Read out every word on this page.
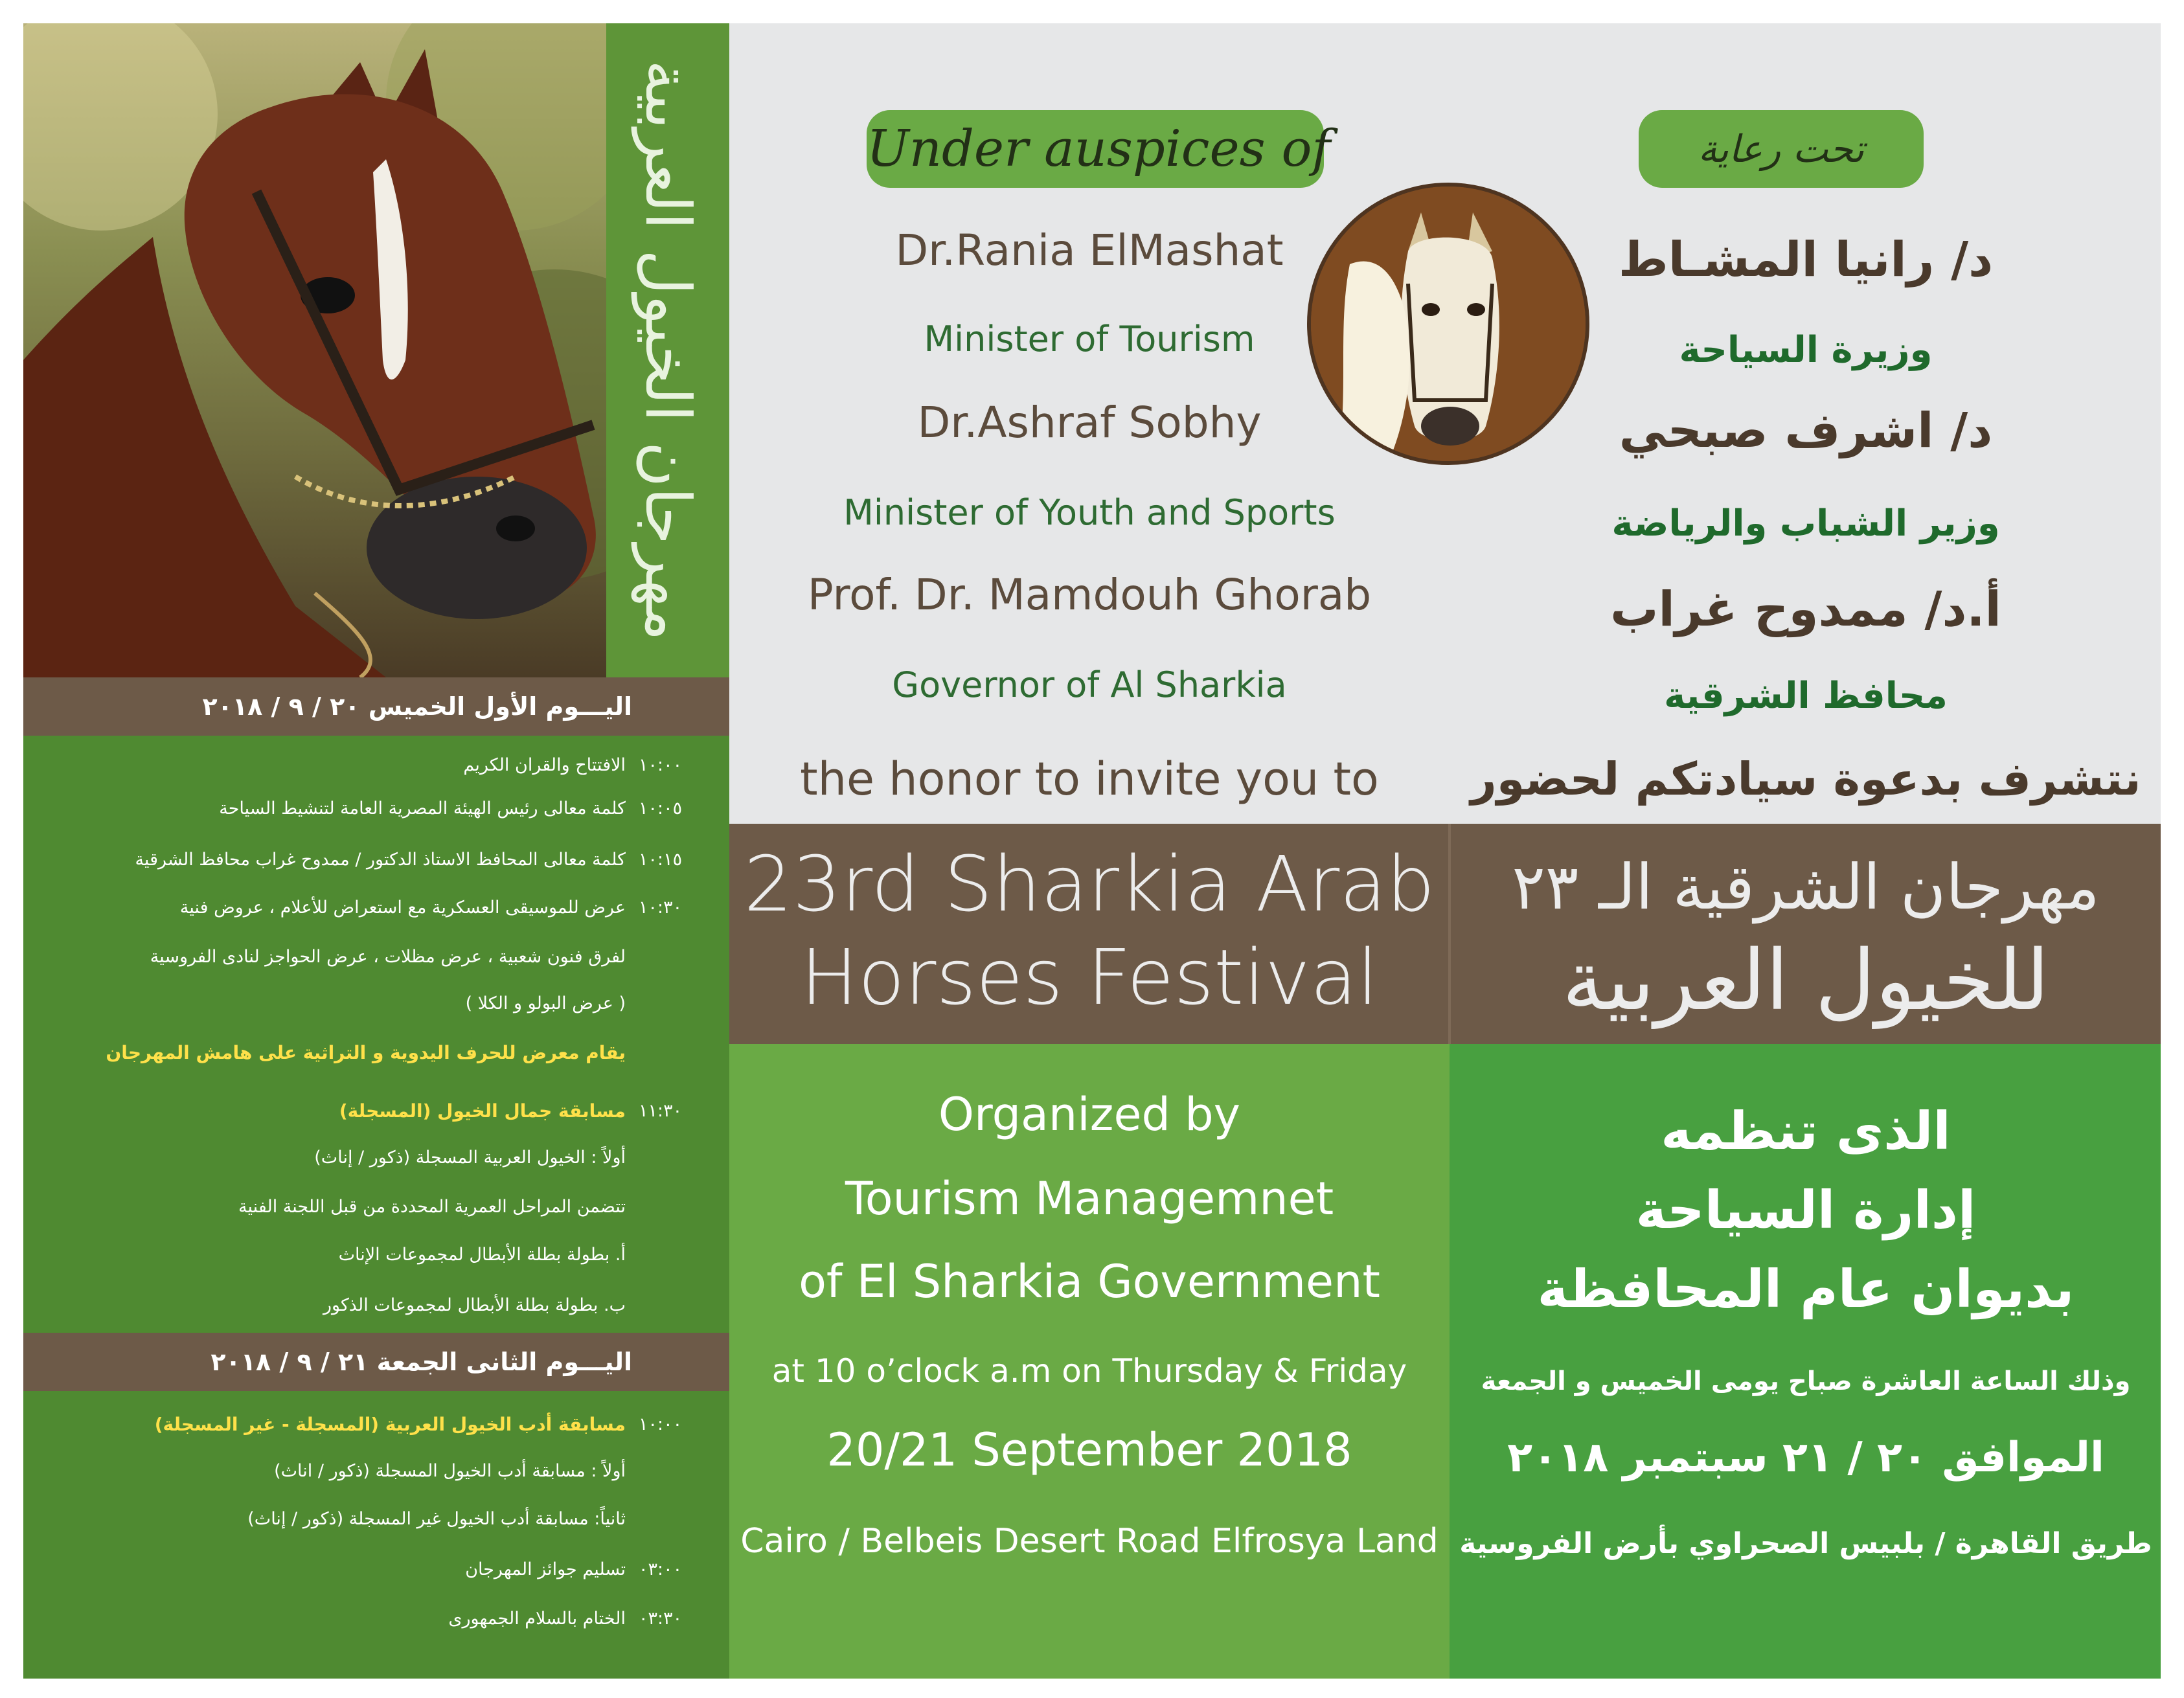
مهرجان الخيول العربية
اليـــوم الأول الخميس ٢٠ / ٩ / ٢٠١٨
الافتتاح والقران الكريم ١٠:٠٠
كلمة معالى رئيس الهيئة المصرية العامة لتنشيط السياحة ١٠:٠٥
كلمة معالى المحافظ الاستاذ الدكتور / ممدوح غراب محافظ الشرقية ١٠:١٥
عرض للموسيقى العسكرية مع استعراض للأعلام ، عروض فنية ١٠:٣٠
لفرق فنون شعبية ، عرض مظلات ، عرض الحواجز لنادى الفروسية
( عرض البولو و الكلا )
يقام معرض للحرف اليدوية و التراثية على هامش المهرجان
مسابقة جمال الخيول (المسجلة) ١١:٣٠
أولاً : الخيول العربية المسجلة (ذكور / إناث)
تتضمن المراحل العمرية المحددة من قبل اللجنة الفنية
أ. بطولة بطلة الأبطال لمجموعات الإناث
ب. بطولة بطلة الأبطال لمجموعات الذكور
اليـــوم الثانى الجمعة ٢١ / ٩ / ٢٠١٨
مسابقة أدب الخيول العربية (المسجلة - غير المسجلة) ١٠:٠٠
أولاً : مسابقة أدب الخيول المسجلة (ذكور / اناث)
ثانياً: مسابقة أدب الخيول غير المسجلة (ذكور / إناث)
تسليم جوائز المهرجان ٠٣:٠٠
الختام بالسلام الجمهورى ٠٣:٣٠
Under auspices of	تحت رعاية
Dr.Rania ElMashat
Minister of Tourism
Dr.Ashraf Sobhy
Minister of Youth and Sports
Prof. Dr. Mamdouh Ghorab
Governor of Al Sharkia
the honor to invite you to
د/ رانيا المشـاط
وزيرة السياحة
د/ اشرف صبحي
وزير الشباب والرياضة
أ.د/ ممدوح غراب
محافظ الشرقية
نتشرف بدعوة سيادتكم لحضور
23rd Sharkia Arab
Horses Festival
مهرجان الشرقية الـ ٢٣
للخيول العربية
Organized by
Tourism Managemnet
of El Sharkia Government
at 10 o’clock a.m on Thursday & Friday
20/21 September 2018
Cairo / Belbeis Desert Road Elfrosya Land
الذى تنظمه
إدارة السياحة
بديوان عام المحافظة
وذلك الساعة العاشرة صباح يومى الخميس و الجمعة
الموافق ٢٠ / ٢١ سبتمبر ٢٠١٨
طريق القاهرة / بلبيس الصحراوي بأرض الفروسية
